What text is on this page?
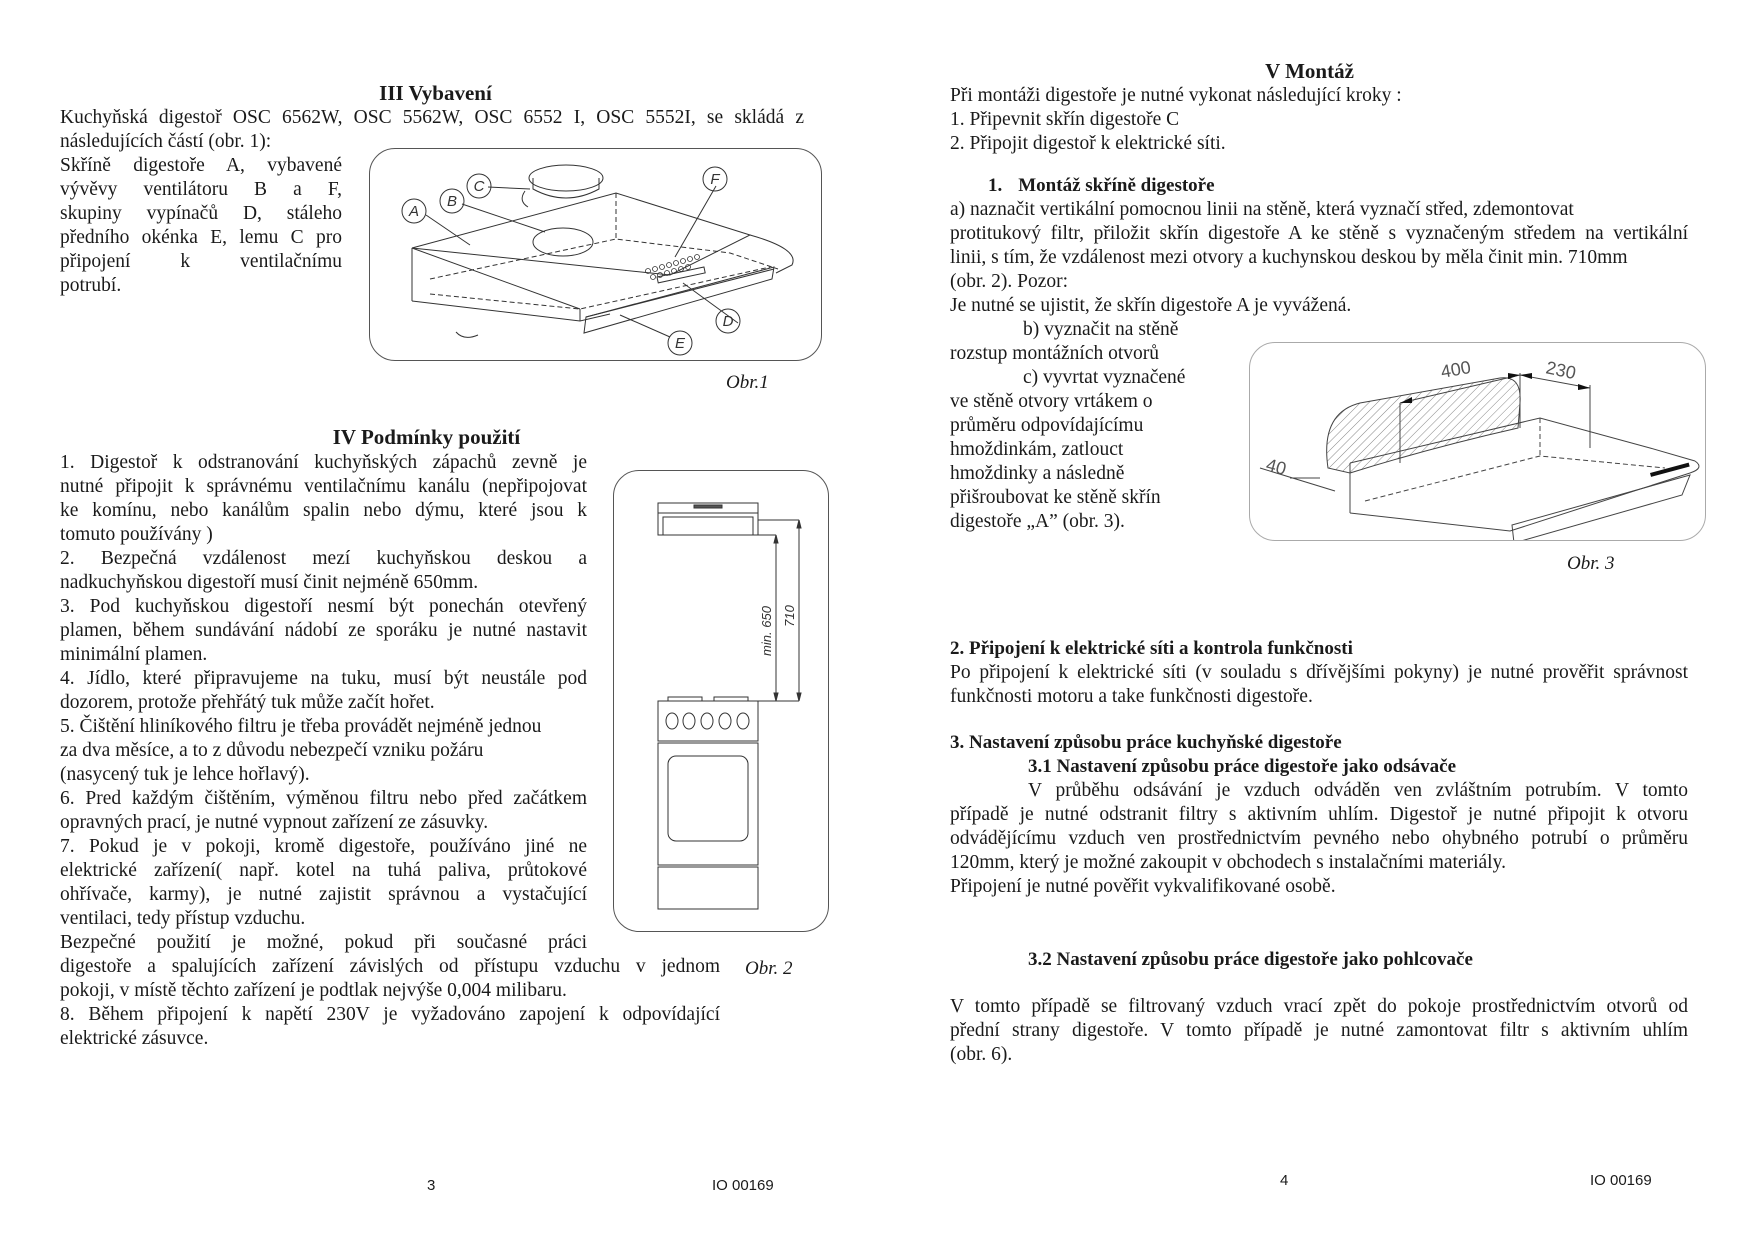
III Vybavení
Kuchyňská digestoř OSC 6562W, OSC 5562W, OSC 6552 I, OSC 5552I, se skládá z
následujících částí (obr. 1):
Skříně digestoře A, vybavené
vývěvy ventilátoru B a F,
skupiny vypínačů D, stáleho
předního okénka E, lemu C pro
připojení k ventilačnímu
potrubí.
A
B
C
D
E
F
Obr.1
IV Podmínky použití
1. Digestoř k odstranování kuchyňských zápachů zevně je
nutné připojit k správnému ventilačnímu kanálu (nepřipojovat
ke komínu, nebo kanálům spalin nebo dýmu, které jsou k
tomuto používány )
2. Bezpečná vzdálenost mezí kuchyňskou deskou a
nadkuchyňskou digestoří musí činit nejméně 650mm.
3. Pod kuchyňskou digestoří nesmí být ponechán otevřený
plamen, během sundávání nádobí ze sporáku je nutné nastavit
minimální plamen.
4. Jídlo, které připravujeme na tuku, musí být neustále pod
dozorem, protože přehřátý tuk může začít hořet.
5. Čištění hliníkového filtru je třeba provádět nejméně jednou
za dva měsíce, a to z důvodu nebezpečí vzniku požáru
(nasycený tuk je lehce hořlavý).
6. Pred každým čištěním, výměnou filtru nebo před začátkem
opravných prací, je nutné vypnout zařízení ze zásuvky.
7. Pokud je v pokoji, kromě digestoře, používáno jiné ne
elektrické zařízení( např. kotel na tuhá paliva, průtokové
ohřívače, karmy), je nutné zajistit správnou a vystačující
ventilaci, tedy přístup vzduchu.
Bezpečné použití je možné, pokud při současné práci
digestoře a spalujících zařízení závislých od přístupu vzduchu v jednom
pokoji, v místě těchto zařízení je podtlak nejvýše 0,004 milibaru.
8. Během připojení k napětí 230V je vyžadováno zapojení k odpovídající
elektrické zásuvce.
min. 650 710
Obr. 2
3	IO 00169
V Montáž
Při montáži digestoře je nutné vykonat následující kroky :
1. Připevnit skřín digestoře C
2. Připojit digestoř k elektrické síti.
1. Montáž skříně digestoře
a) naznačit vertikální pomocnou linii na stěně, která vyznačí střed, zdemontovat
protitukový filtr, přiložit skřín digestoře A ke stěně s vyznačeným středem na vertikální
linii, s tím, že vzdálenost mezi otvory a kuchynskou deskou by měla činit min. 710mm
(obr. 2). Pozor:
Je nutné se ujistit, že skřín digestoře A je vyvážená.
b) vyznačit na stěně
rozstup montážních otvorů
c) vyvrtat vyznačené
ve stěně otvory vrtákem o
průměru odpovídajícímu
hmoždinkám, zatlouct
hmoždinky a následně
přišroubovat ke stěně skřín
digestoře „A” (obr. 3).
400	230
40
Obr. 3
2. Připojení k elektrické síti a kontrola funkčnosti
Po připojení k elektrické síti (v souladu s dřívějšími pokyny) je nutné prověřit správnost
funkčnosti motoru a take funkčnosti digestoře.
3. Nastavení způsobu práce kuchyňské digestoře
3.1 Nastavení způsobu práce digestoře jako odsávače
V průběhu odsávání je vzduch odváděn ven zvláštním potrubím. V tomto
případě je nutné odstranit filtry s aktivním uhlím. Digestoř je nutné připojit k otvoru
odvádějícímu vzduch ven prostřednictvím pevného nebo ohybného potrubí o průměru
120mm, který je možné zakoupit v obchodech s instalačními materiály.
Připojení je nutné pověřit vykvalifikované osobě.
3.2 Nastavení způsobu práce digestoře jako pohlcovače
V tomto případě se filtrovaný vzduch vrací zpět do pokoje prostřednictvím otvorů od
přední strany digestoře. V tomto případě je nutné zamontovat filtr s aktivním uhlím
(obr. 6).
4	IO 00169
